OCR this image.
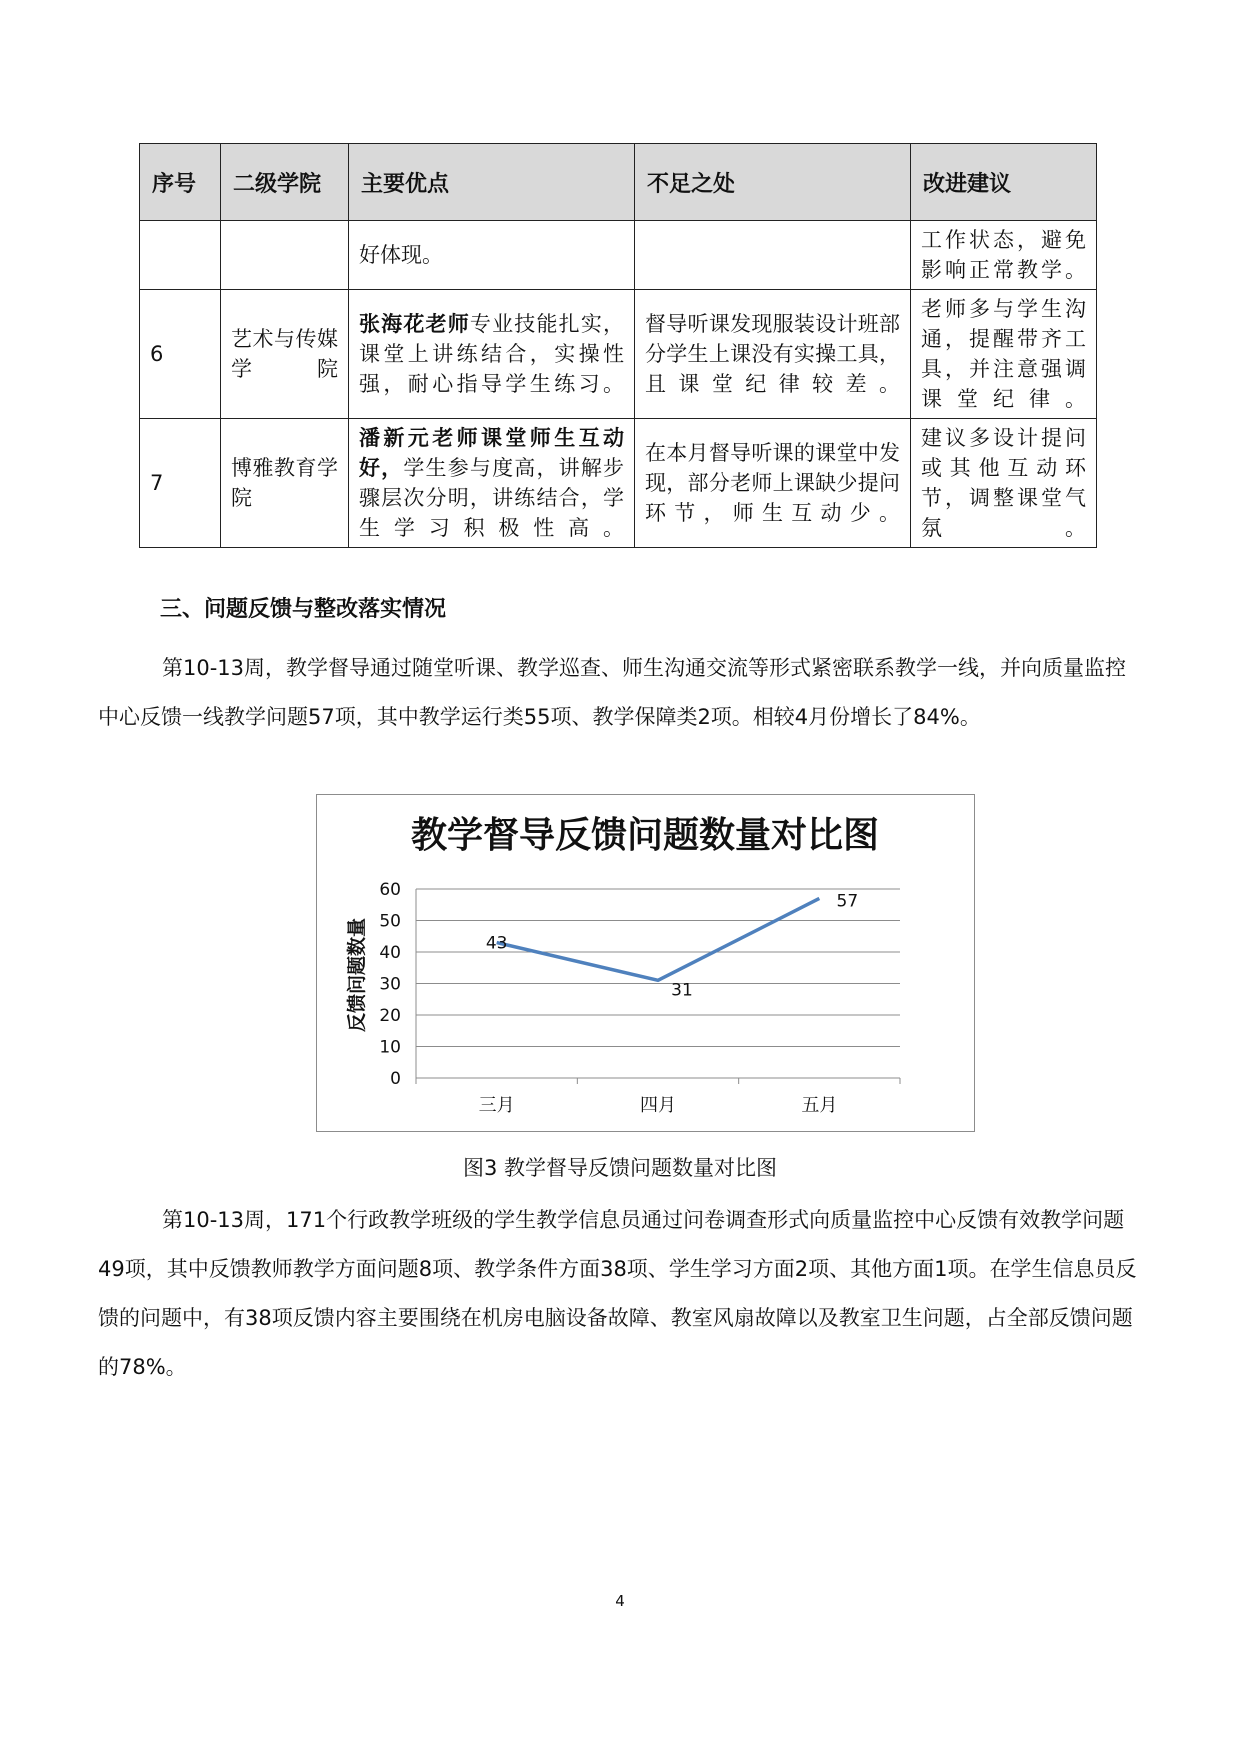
序号	二级学院	主要优点	不足之处	改进建议
		好体现。		工作状态，避免影响正常教学。
6	艺术与传媒学院	张海花老师专业技能扎实，课堂上讲练结合，实操性强，耐心指导学生练习。	督导听课发现服装设计班部分学生上课没有实操工具，且课堂纪律较差。	老师多与学生沟通，提醒带齐工具，并注意强调课堂纪律。
7	博雅教育学院	潘新元老师课堂师生互动好，学生参与度高，讲解步骤层次分明，讲练结合，学生学习积极性高。	在本月督导听课的课堂中发现，部分老师上课缺少提问环节，师生互动少。	建议多设计提问或其他互动环节，调整课堂气氛。
三、问题反馈与整改落实情况

第10-13周，教学督导通过随堂听课、教学巡查、师生沟通交流等形式紧密联系教学一线，并向质量监控中心反馈一线教学问题57项，其中教学运行类55项、教学保障类2项。相较4月份增长了84%。

教学督导反馈问题数量对比图
反馈问题数量
0
10
20
30
40
50
60
三月	四月	五月
43
31
57
图3 教学督导反馈问题数量对比图

第10-13周，171个行政教学班级的学生教学信息员通过问卷调查形式向质量监控中心反馈有效教学问题49项，其中反馈教师教学方面问题8项、教学条件方面38项、学生学习方面2项、其他方面1项。在学生信息员反馈的问题中，有38项反馈内容主要围绕在机房电脑设备故障、教室风扇故障以及教室卫生问题，占全部反馈问题的78%。

4
